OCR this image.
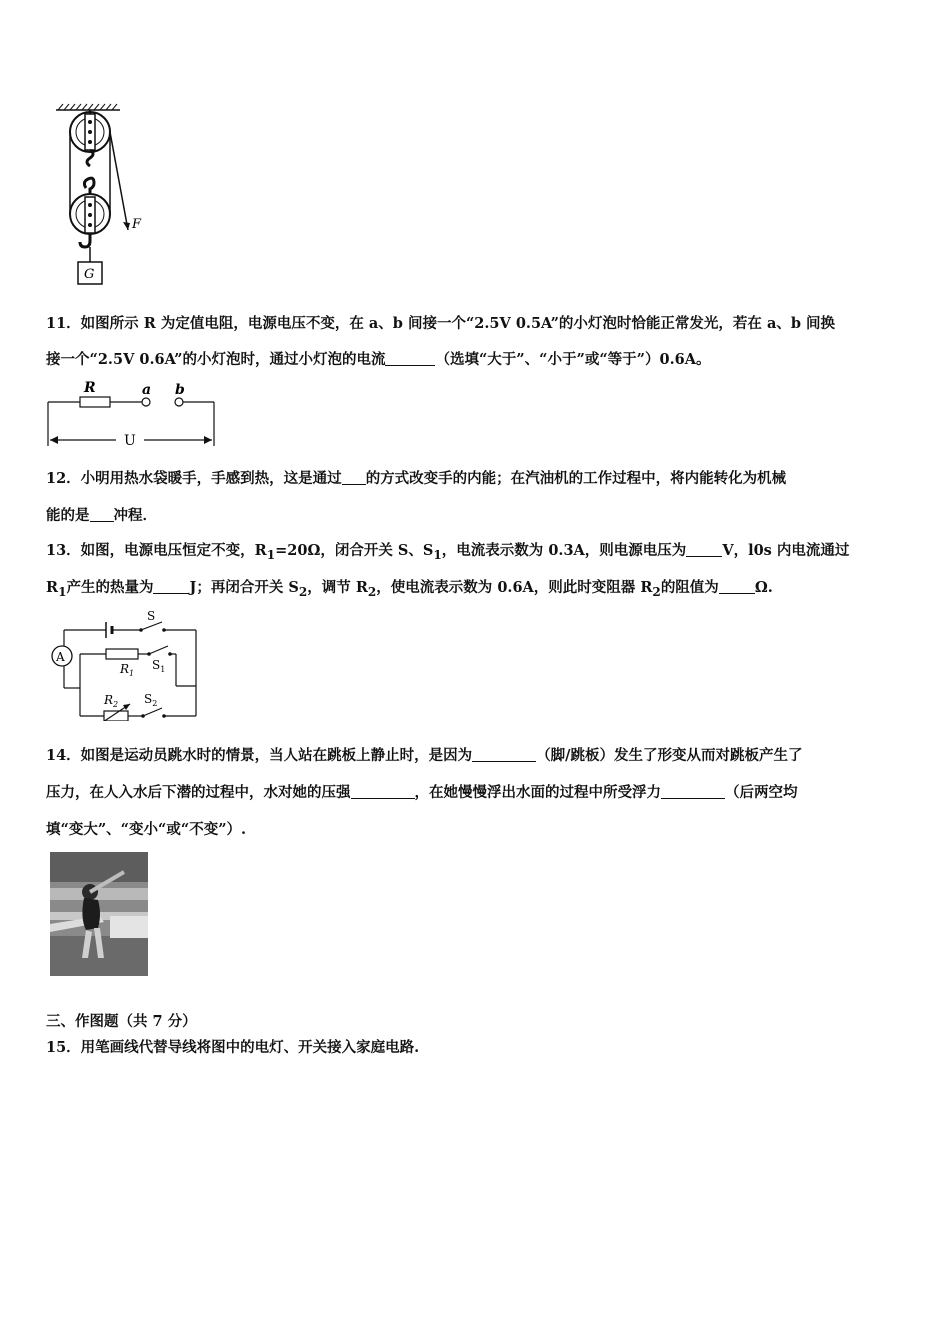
F
G
11．如图所示 R 为定值电阻，电源电压不变，在 a、b 间接一个“2.5V 0.5A”的小灯泡时恰能正常发光，若在 a、b 间换
接一个“2.5V 0.6A”的小灯泡时，通过小灯泡的电流	（选填“大于”、“小于”或“等于”）0.6A。
R	a b
U
12．小明用热水袋暖手，手感到热，这是通过 的方式改变手的内能；在汽油机的工作过程中，将内能转化为机械
能的是 冲程．
13．如图，电源电压恒定不变，$R_1=20\Omega$，闭合开关 S、$S_1$，电流表示数为 0.3A，则电源电压为 V，l0s 内电流通过
$R_1$产生的热量为 J；再闭合开关 $S_2$，调节 $R_2$，使电流表示数为 0.6A，则此时变阻器 $R_2$的阻值为 Ω.
S
A
$R_1$
$S_1$
$R_2$ $S_2$
14．如图是运动员跳水时的情景，当人站在跳板上静止时，是因为	（脚/跳板）发生了形变从而对跳板产生了
压力，在人入水后下潜的过程中，水对她的压强	，在她慢慢浮出水面的过程中所受浮力	（后两空均
填“变大”、“变小“或“不变”）.
三、作图题（共 7 分）
15．用笔画线代替导线将图中的电灯、开关接入家庭电路.
